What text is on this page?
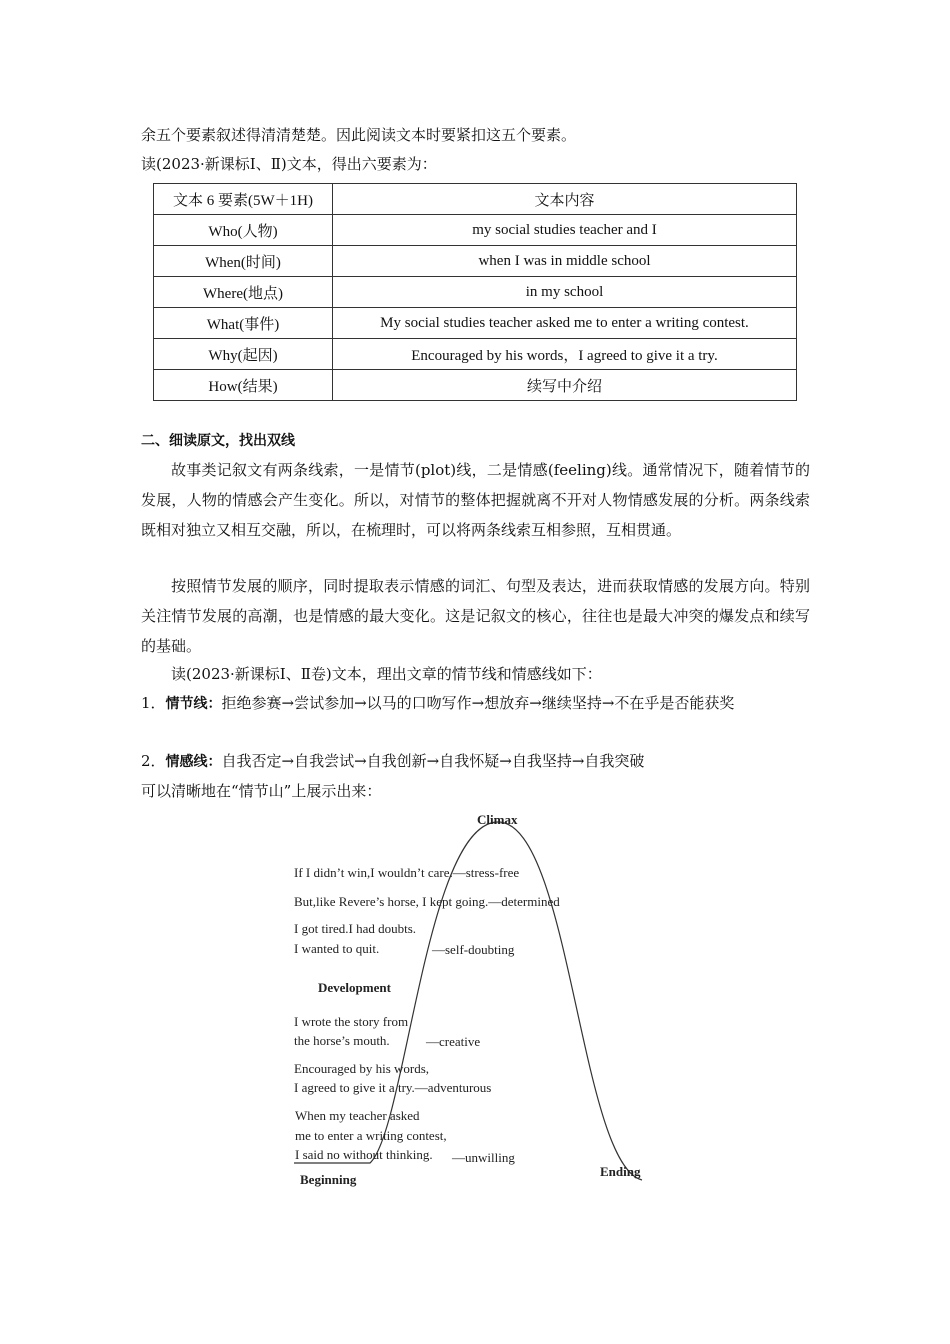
余五个要素叙述得清清楚楚。因此阅读文本时要紧扣这五个要素。
读(2023·新课标Ⅰ、Ⅱ)文本，得出六要素为：
文本 6 要素(5W＋1H)	文本内容
Who(人物)	my social studies teacher and I
When(时间)	when I was in middle school
Where(地点)	in my school
What(事件)	My social studies teacher asked me to enter a writing contest.
Why(起因)	Encouraged by his words，I agreed to give it a try.
How(结果)	续写中介绍
二、细读原文，找出双线
故事类记叙文有两条线索，一是情节(plot)线，二是情感(feeling)线。通常情况下，随着情节的发展，人物的情感会产生变化。所以，对情节的整体把握就离不开对人物情感发展的分析。两条线索既相对独立又相互交融，所以，在梳理时，可以将两条线索互相参照，互相贯通。
按照情节发展的顺序，同时提取表示情感的词汇、句型及表达，进而获取情感的发展方向。特别关注情节发展的高潮，也是情感的最大变化。这是记叙文的核心，往往也是最大冲突的爆发点和续写的基础。
读(2023·新课标Ⅰ、Ⅱ卷)文本，理出文章的情节线和情感线如下：
1．情节线：拒绝参赛→尝试参加→以马的口吻写作→想放弃→继续坚持→不在乎是否能获奖
2．情感线：自我否定→自我尝试→自我创新→自我怀疑→自我坚持→自我突破
可以清晰地在“情节山”上展示出来：
Climax
Development
Beginning
Ending
If I didn’t win,I wouldn’t care.—stress-free
But,like Revere’s horse, I kept going.—determined
I got tired.I had doubts.
I wanted to quit.	—self-doubting
I wrote the story from
the horse’s mouth.	—creative
Encouraged by his words,
I agreed to give it a try.—adventurous
When my teacher asked
me to enter a writing contest,
I said no without thinking. —unwilling
